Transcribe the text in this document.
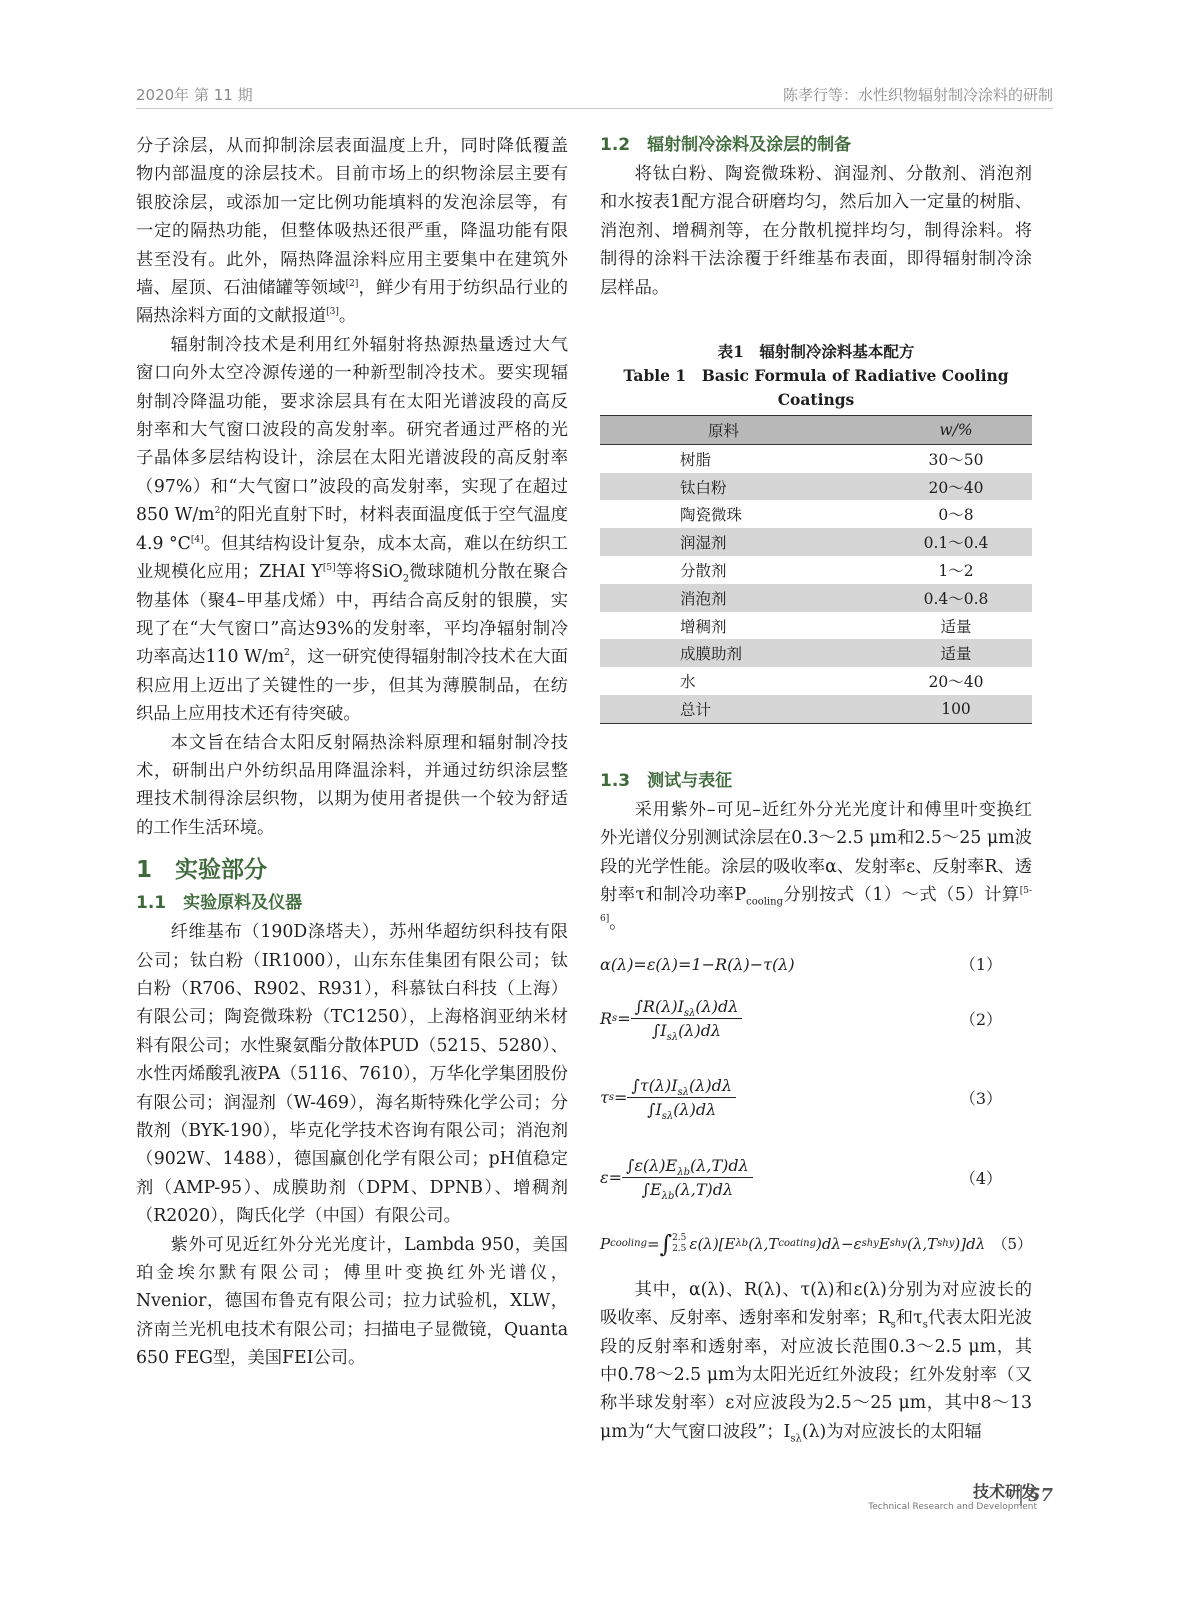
2020年 第 11 期	陈孝行等：水性织物辐射制冷涂料的研制

分子涂层，从而抑制涂层表面温度上升，同时降低覆盖物内部温度的涂层技术。目前市场上的织物涂层主要有银胶涂层，或添加一定比例功能填料的发泡涂层等，有一定的隔热功能，但整体吸热还很严重，降温功能有限甚至没有。此外，隔热降温涂料应用主要集中在建筑外墙、屋顶、石油储罐等领域[2]，鲜少有用于纺织品行业的隔热涂料方面的文献报道[3]。

辐射制冷技术是利用红外辐射将热源热量透过大气窗口向外太空冷源传递的一种新型制冷技术。要实现辐射制冷降温功能，要求涂层具有在太阳光谱波段的高反射率和大气窗口波段的高发射率。研究者通过严格的光子晶体多层结构设计，涂层在太阳光谱波段的高反射率（97%）和“大气窗口”波段的高发射率，实现了在超过850 $W/m^2$的阳光直射下时，材料表面温度低于空气温度4.9 °C[4]。但其结构设计复杂，成本太高，难以在纺织工业规模化应用；ZHAI Y[5]等将SiO$_2$微球随机分散在聚合物基体（聚4–甲基戊烯）中，再结合高反射的银膜，实现了在“大气窗口”高达93%的发射率，平均净辐射制冷功率高达110 $W/m^2$，这一研究使得辐射制冷技术在大面积应用上迈出了关键性的一步，但其为薄膜制品，在纺织品上应用技术还有待突破。

本文旨在结合太阳反射隔热涂料原理和辐射制冷技术，研制出户外纺织品用降温涂料，并通过纺织涂层整理技术制得涂层织物，以期为使用者提供一个较为舒适的工作生活环境。

1　实验部分
1.1　实验原料及仪器

纤维基布（190D涤塔夫），苏州华超纺织科技有限公司；钛白粉（IR1000），山东东佳集团有限公司；钛白粉（R706、R902、R931），科慕钛白科技（上海）有限公司；陶瓷微珠粉（TC1250），上海格润亚纳米材料有限公司；水性聚氨酯分散体PUD（5215、5280）、水性丙烯酸乳液PA（5116、7610），万华化学集团股份有限公司；润湿剂（W-469），海名斯特殊化学公司；分散剂（BYK-190），毕克化学技术咨询有限公司；消泡剂（902W、1488），德国赢创化学有限公司；pH值稳定剂（AMP-95）、成膜助剂（DPM、DPNB）、增稠剂（R2020），陶氏化学（中国）有限公司。

紫外可见近红外分光光度计，Lambda 950，美国珀金埃尔默有限公司；傅里叶变换红外光谱仪，Nvenior，德国布鲁克有限公司；拉力试验机，XLW，济南兰光机电技术有限公司；扫描电子显微镜，Quanta 650 FEG型，美国FEI公司。

1.2　辐射制冷涂料及涂层的制备

将钛白粉、陶瓷微珠粉、润湿剂、分散剂、消泡剂和水按表1配方混合研磨均匀，然后加入一定量的树脂、消泡剂、增稠剂等，在分散机搅拌均匀，制得涂料。将制得的涂料干法涂覆于纤维基布表面，即得辐射制冷涂层样品。

表1　辐射制冷涂料基本配方
Table 1　Basic Formula of Radiative Cooling Coatings
原料	w/%
树脂	30～50
钛白粉	20～40
陶瓷微珠	0～8
润湿剂	0.1～0.4
分散剂	1～2
消泡剂	0.4～0.8
增稠剂	适量
成膜助剂	适量
水	20～40
总计	100
1.3　测试与表征

采用紫外–可见–近红外分光光度计和傅里叶变换红外光谱仪分别测试涂层在0.3～2.5 μm和2.5～25 μm波段的光学性能。涂层的吸收率α、发射率ε、反射率R、透射率τ和制冷功率$P_{cooling}$分别按式（1）～式（5）计算[5-6]。

α(λ)=ε(λ)=1−R(λ)−τ(λ)	（1）
R $s = \frac{\int R(\lambda)I_{s\lambda}(\lambda)d\lambda}{\int I_{s\lambda}(\lambda)d\lambda}$	（2）
τ $s = \frac{\int\tau(\lambda)I_{s\lambda}(\lambda)d\lambda}{\int I_{s\lambda}(\lambda)d\lambda}$	（3）
$\varepsilon= \frac{\int\varepsilon(\lambda)E_{\lambda b}(\lambda,T)d\lambda}{\int E_{\lambda b}(\lambda,T)d\lambda}$	（4）
P cooling = ∫ 2.5
2.5 ε(λ)[E λb (λ,T coating )dλ−ε shy E shy (λ,T shy )]dλ （5）

其中，α(λ)、R(λ)、τ(λ)和ε(λ)分别为对应波长的吸收率、反射率、透射率和发射率；$R_s$和$\tau_s$代表太阳光波段的反射率和透射率，对应波长范围0.3～2.5 μm，其中0.78～2.5 μm为太阳光近红外波段；红外发射率（又称半球发射率）ε对应波段为2.5～25 μm，其中8～13 μm为“大气窗口波段”；$I_{s\lambda}(\lambda)$为对应波长的太阳辐

技术研发
Technical Research and Development
57
